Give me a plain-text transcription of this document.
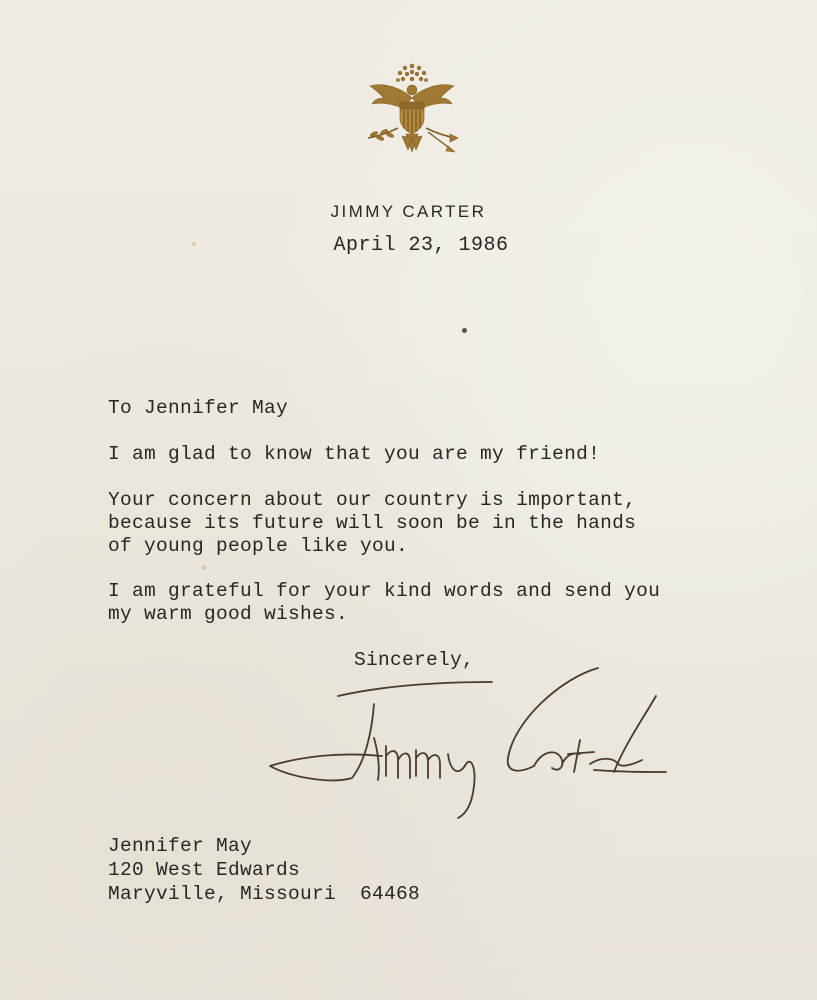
JIMMY CARTER
April 23, 1986
To Jennifer May
I am glad to know that you are my friend!
Your concern about our country is important,
because its future will soon be in the hands
of young people like you.
I am grateful for your kind words and send you
my warm good wishes.
Sincerely,
Jennifer May
120 West Edwards
Maryville, Missouri  64468
